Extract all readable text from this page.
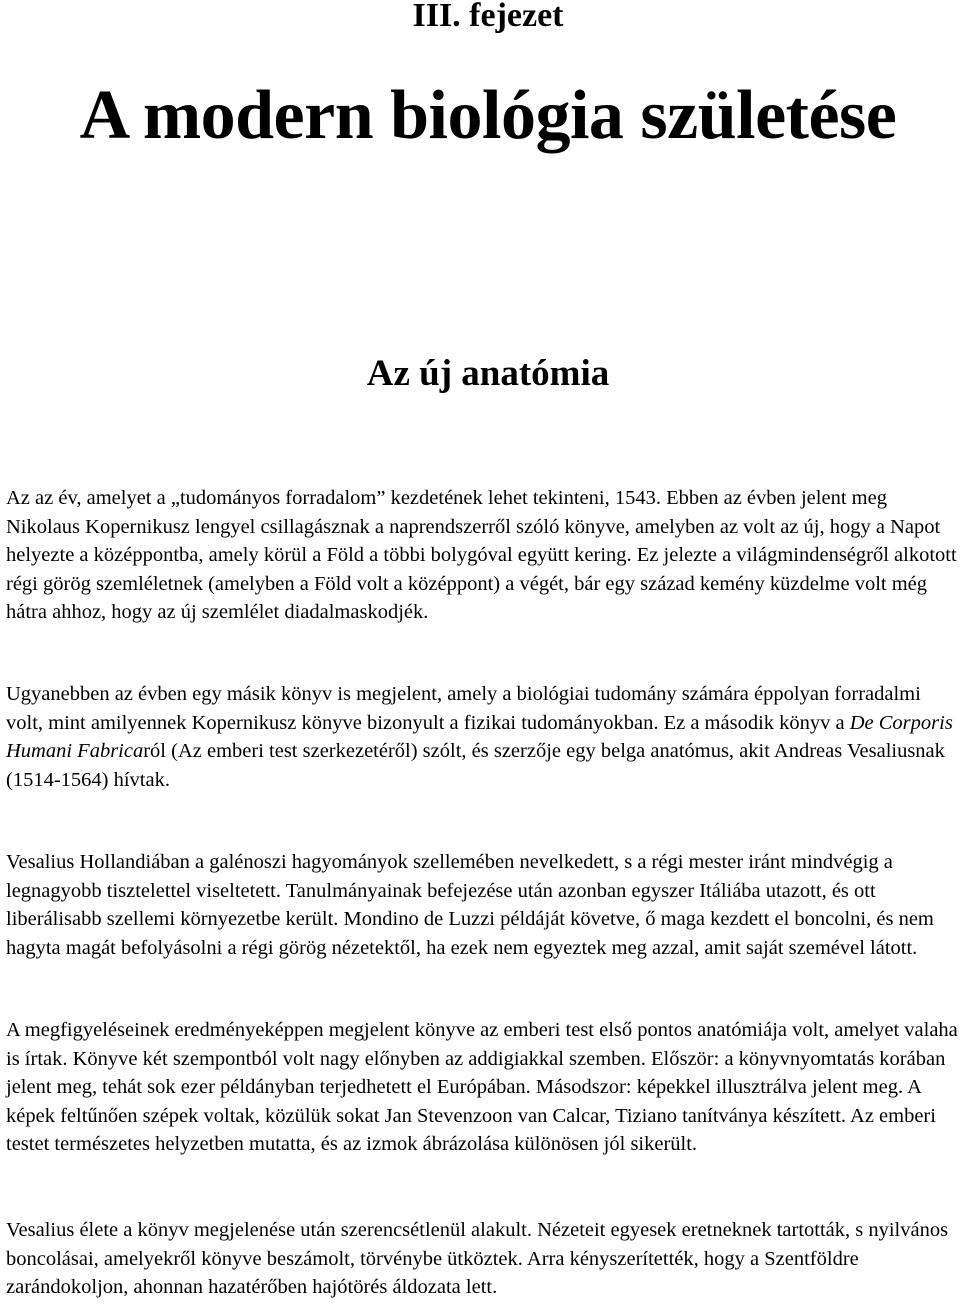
III. fejezet
A modern biológia születése
Az új anatómia

Az az év, amelyet a „tudományos forradalom” kezdetének lehet tekinteni, 1543. Ebben az évben jelent meg Nikolaus Kopernikusz lengyel csillagásznak a naprendszerről szóló könyve, amelyben az volt az új, hogy a Napot helyezte a középpontba, amely körül a Föld a többi bolygóval együtt kering. Ez jelezte a világmindenségről alkotott régi görög szemléletnek (amelyben a Föld volt a középpont) a végét, bár egy század kemény küzdelme volt még hátra ahhoz, hogy az új szemlélet diadalmaskodjék.

Ugyanebben az évben egy másik könyv is megjelent, amely a biológiai tudomány számára éppolyan forradalmi volt, mint amilyennek Kopernikusz könyve bizonyult a fizikai tudományokban. Ez a második könyv a De Corporis Humani Fabricaról (Az emberi test szerkezetéről) szólt, és szerzője egy belga anatómus, akit Andreas Vesaliusnak (1514-1564) hívtak.

Vesalius Hollandiában a galénoszi hagyományok szellemében nevelkedett, s a régi mester iránt mindvégig a legnagyobb tisztelettel viseltetett. Tanulmányainak befejezése után azonban egyszer Itáliába utazott, és ott liberálisabb szellemi környezetbe került. Mondino de Luzzi példáját követve, ő maga kezdett el boncolni, és nem hagyta magát befolyásolni a régi görög nézetektől, ha ezek nem egyeztek meg azzal, amit saját szemével látott.

A megfigyeléseinek eredményeképpen megjelent könyve az emberi test első pontos anatómiája volt, amelyet valaha is írtak. Könyve két szempontból volt nagy előnyben az addigiakkal szemben. Először: a könyvnyomtatás korában jelent meg, tehát sok ezer példányban terjedhetett el Európában. Másodszor: képekkel illusztrálva jelent meg. A képek feltűnően szépek voltak, közülük sokat Jan Stevenzoon van Calcar, Tiziano tanítványa készített. Az emberi testet természetes helyzetben mutatta, és az izmok ábrázolása különösen jól sikerült.

Vesalius élete a könyv megjelenése után szerencsétlenül alakult. Nézeteit egyesek eretneknek tartották, s nyilvános boncolásai, amelyekről könyve beszámolt, törvénybe ütköztek. Arra kényszerítették, hogy a Szentföldre zarándokoljon, ahonnan hazatérőben hajótörés áldozata lett.
